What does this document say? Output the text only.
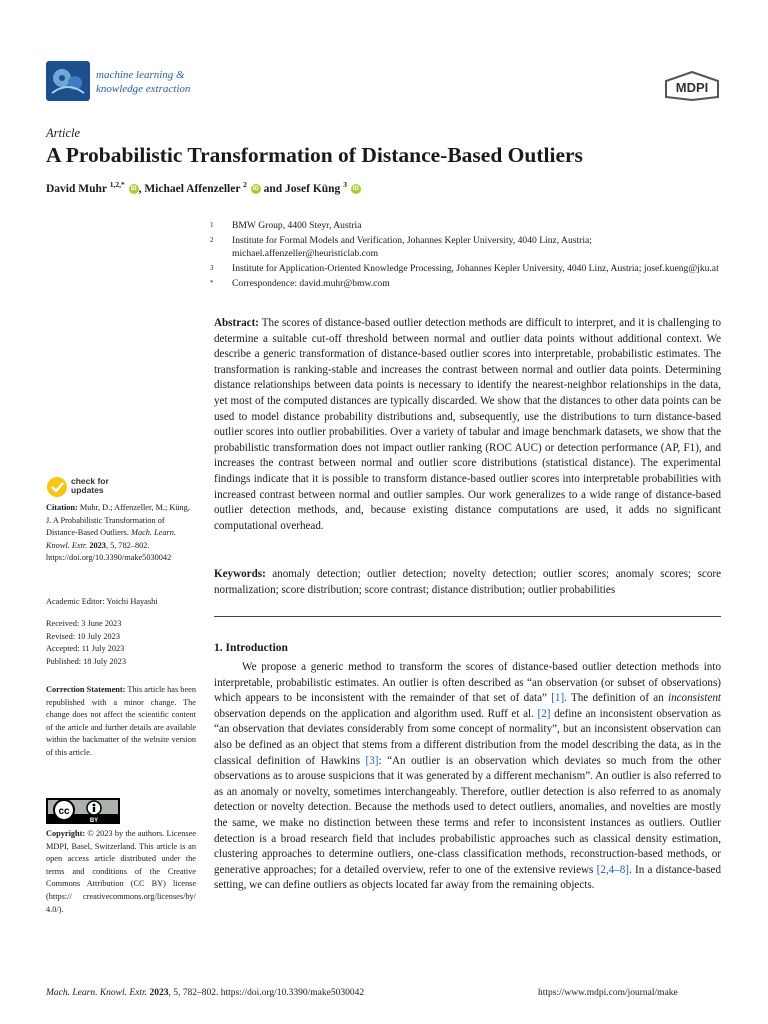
machine learning &
knowledge extraction	MDPI
Article
A Probabilistic Transformation of Distance-Based Outliers
David Muhr $^{1,2,*}$ iD , Michael Affenzeller $^2$ iD and Josef Küng $^3$ iD
1	BMW Group, 4400 Steyr, Austria
2	Institute for Formal Models and Verification, Johannes Kepler University, 4040 Linz, Austria; michael.affenzeller@heuristiclab.com
3	Institute for Application-Oriented Knowledge Processing, Johannes Kepler University, 4040 Linz, Austria; josef.kueng@jku.at
*	Correspondence: david.muhr@bmw.com
Abstract: The scores of distance-based outlier detection methods are difficult to interpret, and it is challenging to determine a suitable cut-off threshold between normal and outlier data points without additional context. We describe a generic transformation of distance-based outlier scores into interpretable, probabilistic estimates. The transformation is ranking-stable and increases the contrast between normal and outlier data points. Determining distance relationships between data points is necessary to identify the nearest-neighbor relationships in the data, yet most of the computed distances are typically discarded. We show that the distances to other data points can be used to model distance probability distributions and, subsequently, use the distributions to turn distance-based outlier scores into outlier probabilities. Over a variety of tabular and image benchmark datasets, we show that the probabilistic transformation does not impact outlier ranking (ROC AUC) or detection performance (AP, F1), and increases the contrast between normal and outlier score distributions (statistical distance). The experimental findings indicate that it is possible to transform distance-based outlier scores into interpretable probabilities with increased contrast between normal and outlier samples. Our work generalizes to a wide range of distance-based outlier detection methods, and, because existing distance computations are used, it adds no significant computational overhead.
Keywords: anomaly detection; outlier detection; novelty detection; outlier scores; anomaly scores; score normalization; score distribution; score contrast; distance distribution; outlier probabilities
1. Introduction
We propose a generic method to transform the scores of distance-based outlier detection methods into interpretable, probabilistic estimates. An outlier is often described as “an observation (or subset of observations) which appears to be inconsistent with the remainder of that set of data” [1]. The definition of an inconsistent observation depends on the application and algorithm used. Ruff et al. [2] define an inconsistent observation as “an observation that deviates considerably from some concept of normality”, but an inconsistent observation can also be defined as an object that stems from a different distribution from the model describing the data, as in the classical definition of Hawkins [3]: “An outlier is an observation which deviates so much from the other observations as to arouse suspicions that it was generated by a different mechanism”. An outlier is also referred to as an anomaly or novelty, sometimes interchangeably. Therefore, outlier detection is also referred to as anomaly detection or novelty detection. Because the methods used to detect outliers, anomalies, and novelties are mostly the same, we make no distinction between these terms and refer to inconsistent instances as outliers. Outlier detection is a broad research field that includes probabilistic approaches such as classical density estimation, clustering approaches to determine outliers, one-class classification methods, reconstruction-based methods, or generative approaches; for a detailed overview, refer to one of the extensive reviews [2,4–8]. In a distance-based setting, we can define outliers as objects located far away from the remaining objects.
check for
updates
Citation: Muhr, D.; Affenzeller, M.; Küng, J. A Probabilistic Transformation of Distance-Based Outliers. Mach. Learn. Knowl. Extr. 2023, 5, 782–802. https://doi.org/10.3390/make5030042
Academic Editor: Yoichi Hayashi
Received: 3 June 2023
Revised: 10 July 2023
Accepted: 11 July 2023
Published: 18 July 2023
Correction Statement: This article has been republished with a minor change. The change does not affect the scientific content of the article and further details are available within the backmatter of the website version of this article.
cc
BY
Copyright: © 2023 by the authors. Licensee MDPI, Basel, Switzerland. This article is an open access article distributed under the terms and conditions of the Creative Commons Attribution (CC BY) license (https:// creativecommons.org/licenses/by/ 4.0/).
Mach. Learn. Knowl. Extr. 2023, 5, 782–802. https://doi.org/10.3390/make5030042	https://www.mdpi.com/journal/make
